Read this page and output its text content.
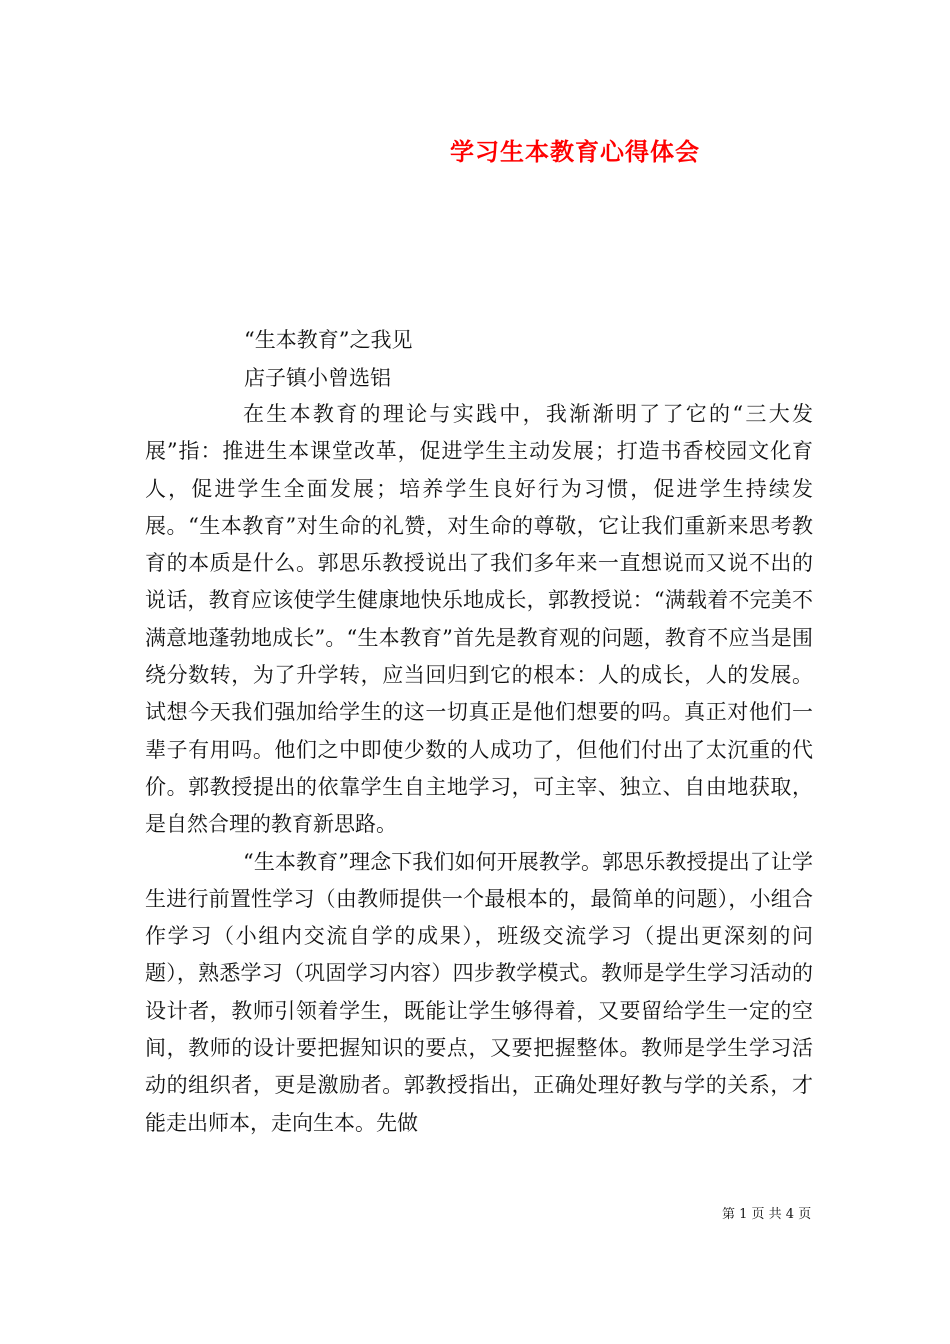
学习生本教育心得体会

“生本教育”之我见

店子镇小曾选铝

在生本教育的理论与实践中，我渐渐明了了它的“三大发展”指：推进生本课堂改革，促进学生主动发展；打造书香校园文化育人，促进学生全面发展；培养学生良好行为习惯，促进学生持续发展。“生本教育”对生命的礼赞，对生命的尊敬，它让我们重新来思考教育的本质是什么。郭思乐教授说出了我们多年来一直想说而又说不出的说话，教育应该使学生健康地快乐地成长，郭教授说：“满载着不完美不满意地蓬勃地成长”。“生本教育”首先是教育观的问题，教育不应当是围绕分数转，为了升学转，应当回归到它的根本：人的成长，人的发展。试想今天我们强加给学生的这一切真正是他们想要的吗。真正对他们一辈子有用吗。他们之中即使少数的人成功了，但他们付出了太沉重的代价。郭教授提出的依靠学生自主地学习，可主宰、独立、自由地获取，是自然合理的教育新思路。

“生本教育”理念下我们如何开展教学。郭思乐教授提出了让学生进行前置性学习（由教师提供一个最根本的，最简单的问题），小组合作学习（小组内交流自学的成果），班级交流学习（提出更深刻的问题），熟悉学习（巩固学习内容）四步教学模式。教师是学生学习活动的设计者，教师引领着学生，既能让学生够得着，又要留给学生一定的空间，教师的设计要把握知识的要点，又要把握整体。教师是学生学习活动的组织者，更是激励者。郭教授指出，正确处理好教与学的关系，才能走出师本，走向生本。先做

第 1 页 共 4 页
